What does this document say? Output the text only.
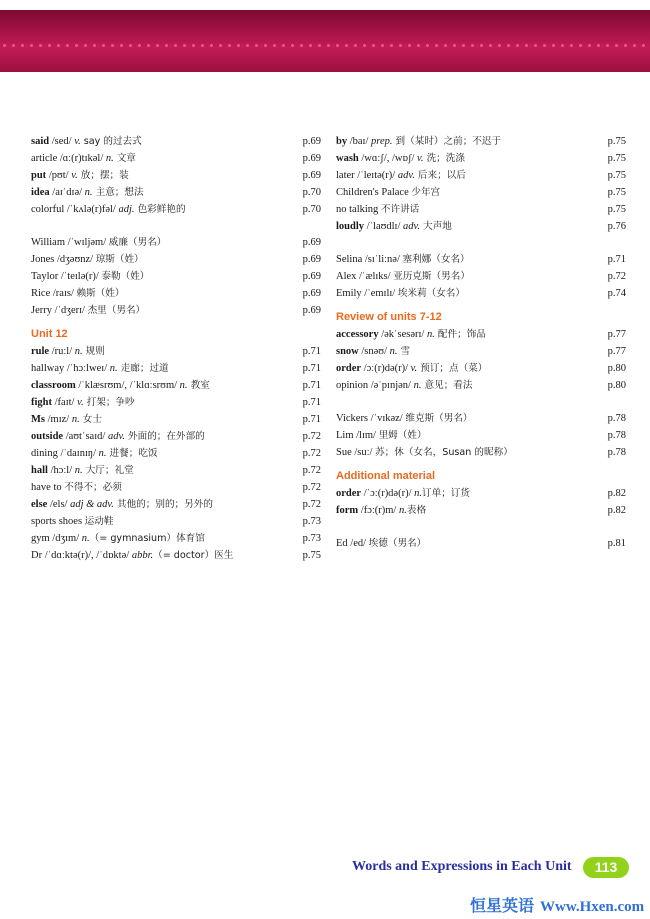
said /sed/ v. say 的过去式	p.69
article /ɑː(r)tɪkəl/ n. 文章	p.69
put /pʊt/ v. 放；摆；装	p.69
idea /aɪˈdɪə/ n. 主意；想法	p.70
colorful /ˈkʌlə(r)fəl/ adj. 色彩鲜艳的	p.70
William /ˈwɪljəm/ 威廉（男名）	p.69
Jones /dʒəʊnz/ 琼斯（姓）	p.69
Taylor /ˈteɪlə(r)/ 泰勒（姓）	p.69
Rice /raɪs/ 赖斯（姓）	p.69
Jerry /ˈdʒerɪ/ 杰里（男名）	p.69
Unit 12
rule /ruːl/ n. 规则	p.71
hallway /ˈhɔːlweɪ/ n. 走廊；过道	p.71
classroom /ˈklæsrʊm/, /ˈklɑːsrʊm/ n. 教室	p.71
fight /faɪt/ v. 打架；争吵	p.71
Ms /mɪz/ n. 女士	p.71
outside /aʊtˈsaɪd/ adv. 外面的；在外部的	p.72
dining /ˈdaɪnɪŋ/ n. 进餐；吃饭	p.72
hall /hɔːl/ n. 大厅；礼堂	p.72
have to 不得不；必须	p.72
else /els/ adj & adv. 其他的；别的；另外的	p.72
sports shoes 运动鞋	p.73
gym /dʒɪm/ n.（= gymnasium）体育馆	p.73
Dr /ˈdɑːktə(r)/, /ˈdɒktə/ abbr.（= doctor）医生	p.75
by /baɪ/ prep. 到（某时）之前；不迟于	p.75
wash /wɑːʃ/, /wɒʃ/ v. 洗；洗涤	p.75
later /ˈleɪtə(r)/ adv. 后来；以后	p.75
Children's Palace 少年宫	p.75
no talking 不许讲话	p.75
loudly /ˈlaʊdlɪ/ adv. 大声地	p.76
Selina /sɪˈliːnə/ 塞利娜（女名）	p.71
Alex /ˈælɪks/ 亚历克斯（男名）	p.72
Emily /ˈemɪlɪ/ 埃米莉（女名）	p.74
Review of units 7-12
accessory /əkˈsesərɪ/ n. 配件；饰品	p.77
snow /snəʊ/ n. 雪	p.77
order /ɔː(r)də(r)/ v. 预订；点（菜）	p.80
opinion /əˈpɪnjən/ n. 意见；看法	p.80
Vickers /ˈvɪkəz/ 维克斯（男名）	p.78
Lim /lɪm/ 里姆（姓）	p.78
Sue /suː/ 苏；休（女名，Susan 的昵称）	p.78
Additional material
order /ˈɔː(r)də(r)/ n.订单；订货	p.82
form /fɔː(r)m/ n.表格	p.82
Ed /ed/ 埃德（男名）	p.81
Words and Expressions in Each Unit	113
恒星英语 Www.Hxen.com
